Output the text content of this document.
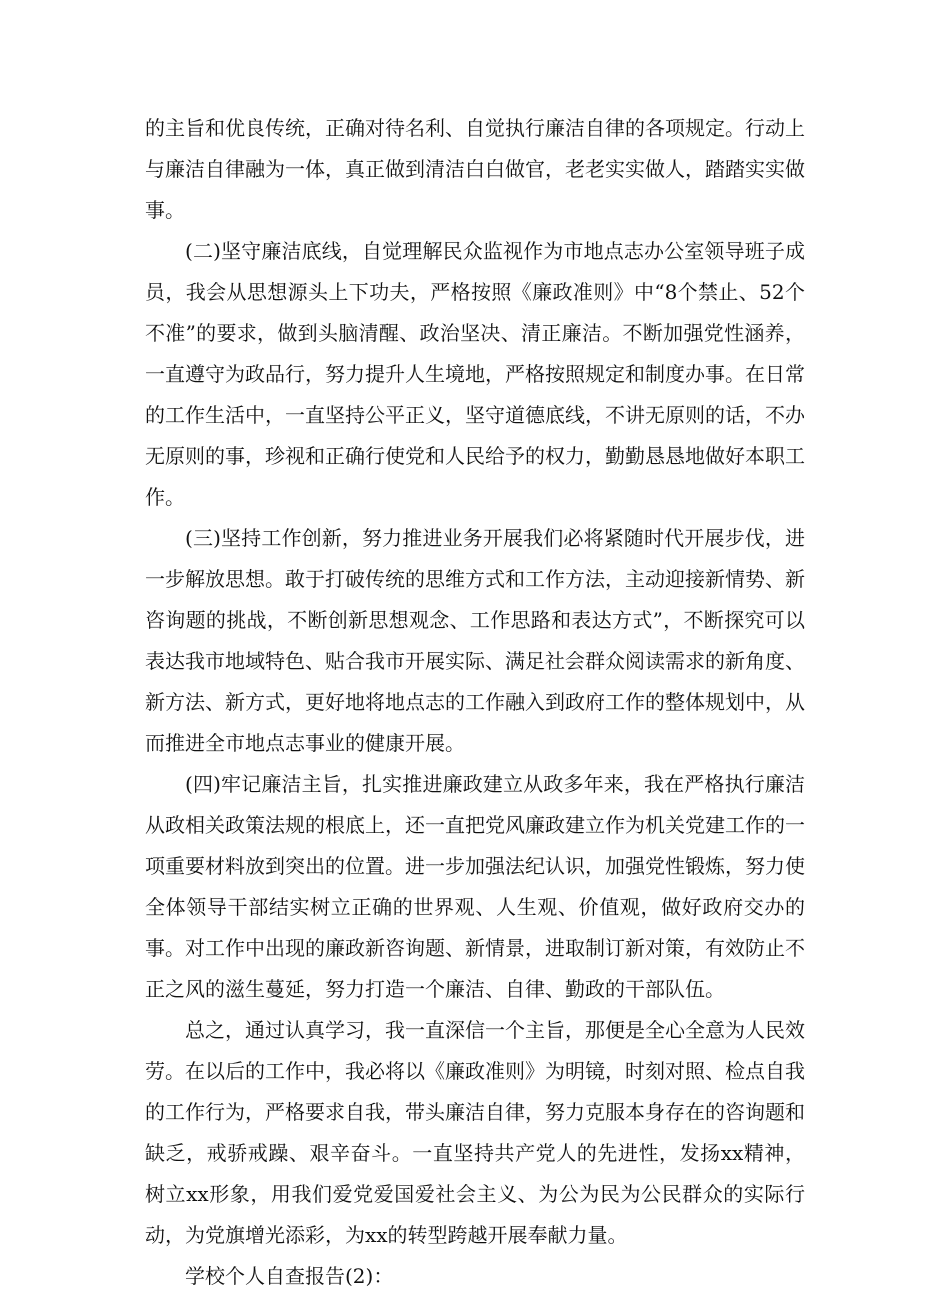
的主旨和优良传统，正确对待名利、自觉执行廉洁自律的各项规定。行动上与廉洁自律融为一体，真正做到清洁白白做官，老老实实做人，踏踏实实做事。

(二)坚守廉洁底线，自觉理解民众监视作为市地点志办公室领导班子成员，我会从思想源头上下功夫，严格按照《廉政准则》中“8个禁止、52个不准”的要求，做到头脑清醒、政治坚决、清正廉洁。不断加强党性涵养，一直遵守为政品行，努力提升人生境地，严格按照规定和制度办事。在日常的工作生活中，一直坚持公平正义，坚守道德底线，不讲无原则的话，不办无原则的事，珍视和正确行使党和人民给予的权力，勤勤恳恳地做好本职工作。

(三)坚持工作创新，努力推进业务开展我们必将紧随时代开展步伐，进一步解放思想。敢于打破传统的思维方式和工作方法，主动迎接新情势、新咨询题的挑战，不断创新思想观念、工作思路和表达方式”，不断探究可以表达我市地域特色、贴合我市开展实际、满足社会群众阅读需求的新角度、新方法、新方式，更好地将地点志的工作融入到政府工作的整体规划中，从而推进全市地点志事业的健康开展。

(四)牢记廉洁主旨，扎实推进廉政建立从政多年来，我在严格执行廉洁从政相关政策法规的根底上，还一直把党风廉政建立作为机关党建工作的一项重要材料放到突出的位置。进一步加强法纪认识，加强党性锻炼，努力使全体领导干部结实树立正确的世界观、人生观、价值观，做好政府交办的事。对工作中出现的廉政新咨询题、新情景，进取制订新对策，有效防止不正之风的滋生蔓延，努力打造一个廉洁、自律、勤政的干部队伍。

总之，通过认真学习，我一直深信一个主旨，那便是全心全意为人民效劳。在以后的工作中，我必将以《廉政准则》为明镜，时刻对照、检点自我的工作行为，严格要求自我，带头廉洁自律，努力克服本身存在的咨询题和缺乏，戒骄戒躁、艰辛奋斗。一直坚持共产党人的先进性，发扬xx精神，树立xx形象，用我们爱党爱国爱社会主义、为公为民为公民群众的实际行动，为党旗增光添彩，为xx的转型跨越开展奉献力量。

学校个人自查报告(2)：
